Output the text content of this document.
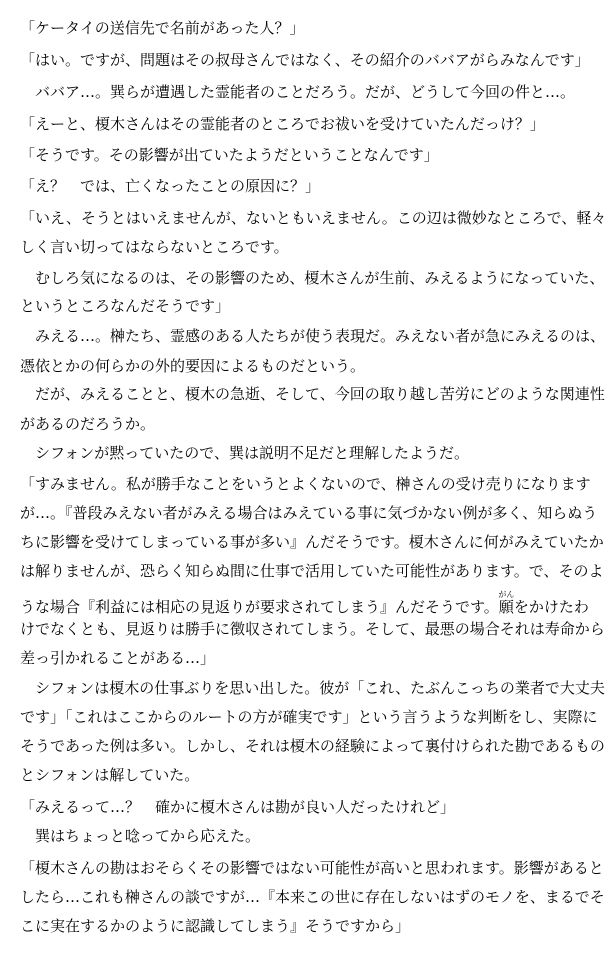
「ケータイの送信先で名前があった人？」
「はい。ですが、問題はその叔母さんではなく、その紹介のババアがらみなんです」
ババア…。巽らが遭遇した霊能者のことだろう。だが、どうして今回の件と…。
「えーと、榎木さんはその霊能者のところでお祓いを受けていたんだっけ？」
「そうです。その影響が出ていたようだということなんです」
「え？　では、亡くなったことの原因に？」
「いえ、そうとはいえませんが、ないともいえません。この辺は微妙なところで、軽々
しく言い切ってはならないところです。
むしろ気になるのは、その影響のため、榎木さんが生前、みえるようになっていた、
というところなんだそうです」
みえる…。榊たち、霊感のある人たちが使う表現だ。みえない者が急にみえるのは、
憑依とかの何らかの外的要因によるものだという。
だが、みえることと、榎木の急逝、そして、今回の取り越し苦労にどのような関連性
があるのだろうか。
シフォンが黙っていたので、巽は説明不足だと理解したようだ。
「すみません。私が勝手なことをいうとよくないので、榊さんの受け売りになります
が…。『普段みえない者がみえる場合はみえている事に気づかない例が多く、知らぬう
ちに影響を受けてしまっている事が多い』んだそうです。榎木さんに何がみえていたか
は解りませんが、恐らく知らぬ間に仕事で活用していた可能性があります。で、そのよ
うな場合『利益には相応の見返りが要求されてしまう』んだそうです。願がんをかけたわ
けでなくとも、見返りは勝手に徴収されてしまう。そして、最悪の場合それは寿命から
差っ引かれることがある…」
シフォンは榎木の仕事ぶりを思い出した。彼が「これ、たぶんこっちの業者で大丈夫
です」「これはここからのルートの方が確実です」という言うような判断をし、実際に
そうであった例は多い。しかし、それは榎木の経験によって裏付けられた勘であるもの
とシフォンは解していた。
「みえるって…？　確かに榎木さんは勘が良い人だったけれど」
巽はちょっと唸ってから応えた。
「榎木さんの勘はおそらくその影響ではない可能性が高いと思われます。影響があると
したら…これも榊さんの談ですが…『本来この世に存在しないはずのモノを、まるでそ
こに実在するかのように認識してしまう』そうですから」
